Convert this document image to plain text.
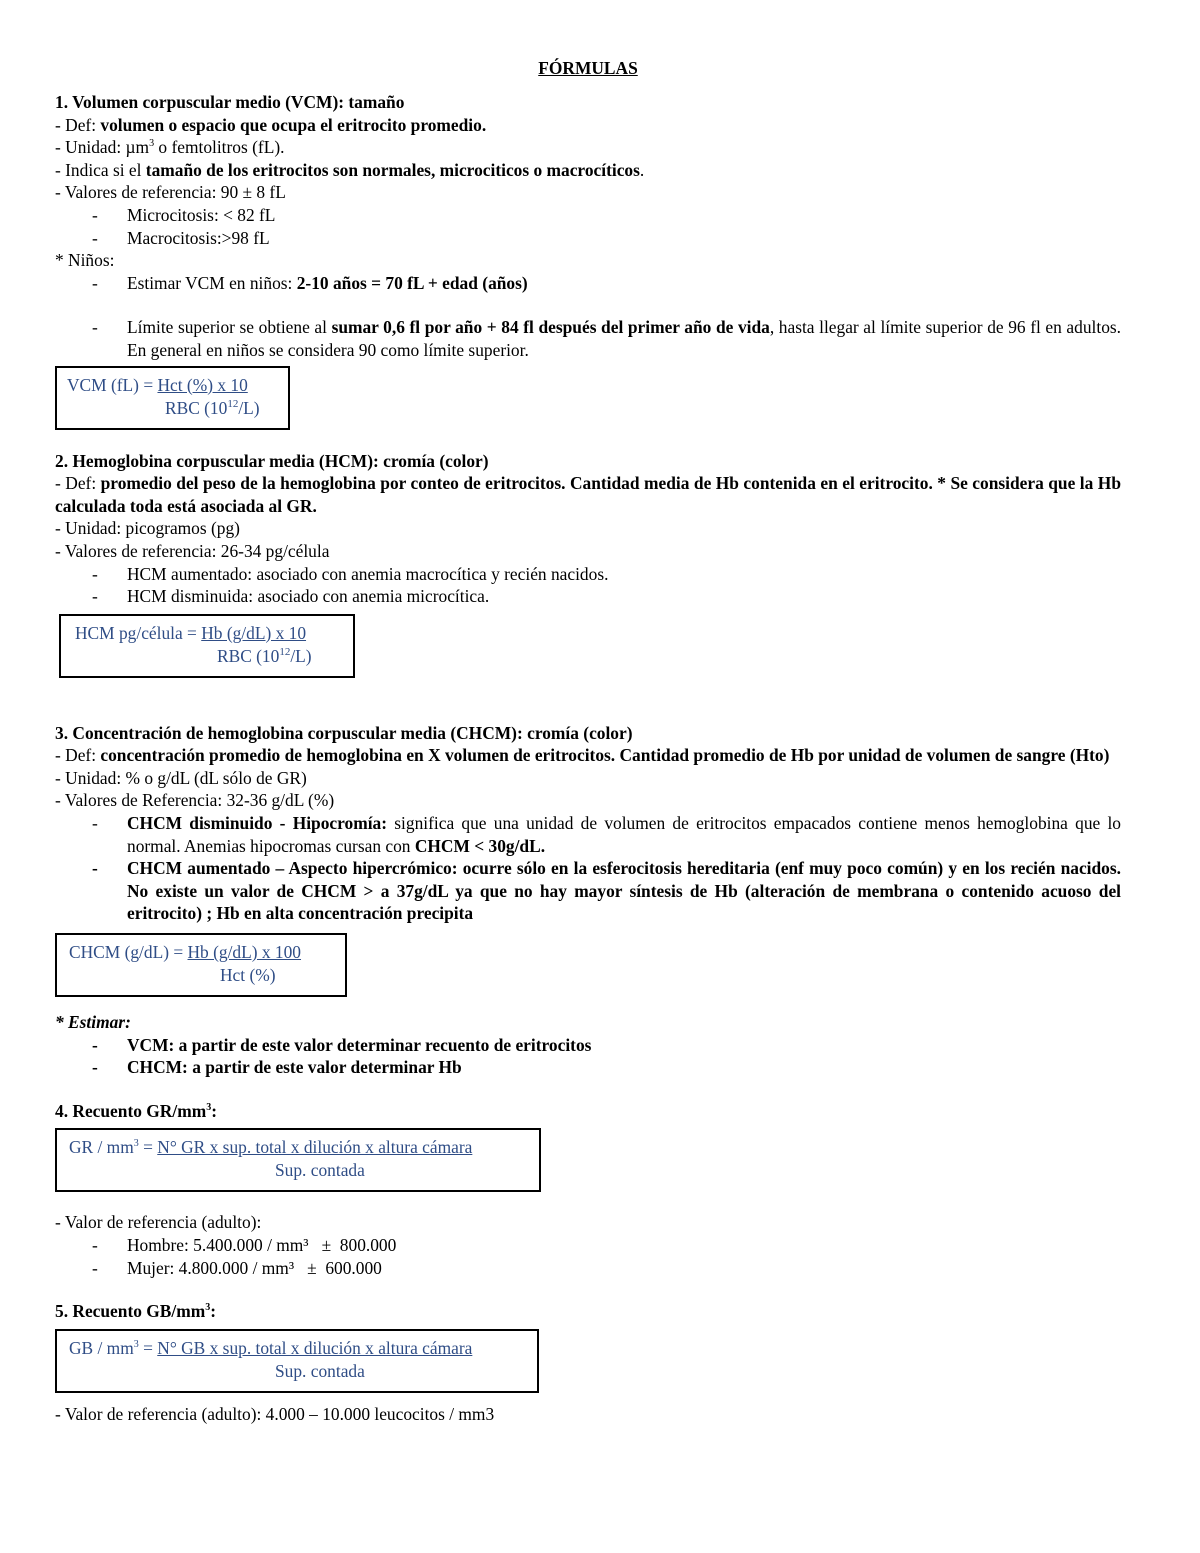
FÓRMULAS
1. Volumen corpuscular medio (VCM): tamaño
- Def: volumen o espacio que ocupa el eritrocito promedio.
- Unidad: µm$^3$ o femtolitros (fL).
- Indica si el tamaño de los eritrocitos son normales, microciticos o macrocíticos.
- Valores de referencia: 90 ± 8 fL
- Microcitosis: < 82 fL
- Macrocitosis:>98 fL
* Niños:
- Estimar VCM en niños: 2-10 años = 70 fL + edad (años)
- Límite superior se obtiene al sumar 0,6 fl por año + 84 fl después del primer año de vida, hasta llegar al límite superior de 96 fl en adultos. En general en niños se considera 90 como límite superior.
VCM (fL) = Hct (%) x 10
RBC $(10^{12}/L)$
2. Hemoglobina corpuscular media (HCM): cromía (color)
- Def: promedio del peso de la hemoglobina por conteo de eritrocitos. Cantidad media de Hb contenida en el eritrocito. * Se considera que la Hb calculada toda está asociada al GR.
- Unidad: picogramos (pg)
- Valores de referencia: 26-34 pg/célula
- HCM aumentado: asociado con anemia macrocítica y recién nacidos.
- HCM disminuida: asociado con anemia microcítica.
HCM pg/célula = Hb (g/dL) x 10
RBC $(10^{12}/L)$
3. Concentración de hemoglobina corpuscular media (CHCM): cromía (color)
- Def: concentración promedio de hemoglobina en X volumen de eritrocitos. Cantidad promedio de Hb por unidad de volumen de sangre (Hto)
- Unidad: % o g/dL (dL sólo de GR)
- Valores de Referencia: 32-36 g/dL (%)
- CHCM disminuido - Hipocromía: significa que una unidad de volumen de eritrocitos empacados contiene menos hemoglobina que lo normal. Anemias hipocromas cursan con CHCM < 30g/dL.
- CHCM aumentado – Aspecto hipercrómico: ocurre sólo en la esferocitosis hereditaria (enf muy poco común) y en los recién nacidos. No existe un valor de CHCM > a 37g/dL ya que no hay mayor síntesis de Hb (alteración de membrana o contenido acuoso del eritrocito) ; Hb en alta concentración precipita
CHCM (g/dL) = Hb (g/dL) x 100
Hct (%)
* Estimar:
- VCM: a partir de este valor determinar recuento de eritrocitos
- CHCM: a partir de este valor determinar Hb
4. Recuento $GR/mm^3$:
GR / $mm^3 = N^\circ$ GR x sup. total x dilución x altura cámara
Sup. contada
- Valor de referencia (adulto):
- Hombre: 5.400.000 / mm³   ±  800.000
- Mujer: 4.800.000 / mm³   ±  600.000
5. Recuento $GB/mm^3$:
GB / $mm^3 = N^\circ$ GB x sup. total x dilución x altura cámara
Sup. contada
- Valor de referencia (adulto): 4.000 – 10.000 leucocitos / mm3
